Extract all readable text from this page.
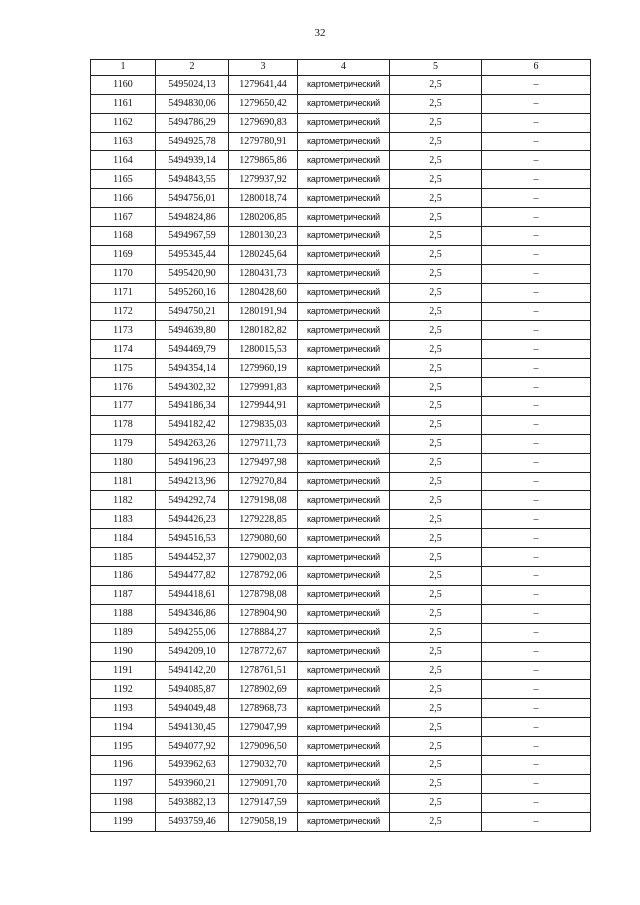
32
1	2	3	4	5	6
1160	5495024,13	1279641,44	картометрический	2,5	–
1161	5494830,06	1279650,42	картометрический	2,5	–
1162	5494786,29	1279690,83	картометрический	2,5	–
1163	5494925,78	1279780,91	картометрический	2,5	–
1164	5494939,14	1279865,86	картометрический	2,5	–
1165	5494843,55	1279937,92	картометрический	2,5	–
1166	5494756,01	1280018,74	картометрический	2,5	–
1167	5494824,86	1280206,85	картометрический	2,5	–
1168	5494967,59	1280130,23	картометрический	2,5	–
1169	5495345,44	1280245,64	картометрический	2,5	–
1170	5495420,90	1280431,73	картометрический	2,5	–
1171	5495260,16	1280428,60	картометрический	2,5	–
1172	5494750,21	1280191,94	картометрический	2,5	–
1173	5494639,80	1280182,82	картометрический	2,5	–
1174	5494469,79	1280015,53	картометрический	2,5	–
1175	5494354,14	1279960,19	картометрический	2,5	–
1176	5494302,32	1279991,83	картометрический	2,5	–
1177	5494186,34	1279944,91	картометрический	2,5	–
1178	5494182,42	1279835,03	картометрический	2,5	–
1179	5494263,26	1279711,73	картометрический	2,5	–
1180	5494196,23	1279497,98	картометрический	2,5	–
1181	5494213,96	1279270,84	картометрический	2,5	–
1182	5494292,74	1279198,08	картометрический	2,5	–
1183	5494426,23	1279228,85	картометрический	2,5	–
1184	5494516,53	1279080,60	картометрический	2,5	–
1185	5494452,37	1279002,03	картометрический	2,5	–
1186	5494477,82	1278792,06	картометрический	2,5	–
1187	5494418,61	1278798,08	картометрический	2,5	–
1188	5494346,86	1278904,90	картометрический	2,5	–
1189	5494255,06	1278884,27	картометрический	2,5	–
1190	5494209,10	1278772,67	картометрический	2,5	–
1191	5494142,20	1278761,51	картометрический	2,5	–
1192	5494085,87	1278902,69	картометрический	2,5	–
1193	5494049,48	1278968,73	картометрический	2,5	–
1194	5494130,45	1279047,99	картометрический	2,5	–
1195	5494077,92	1279096,50	картометрический	2,5	–
1196	5493962,63	1279032,70	картометрический	2,5	–
1197	5493960,21	1279091,70	картометрический	2,5	–
1198	5493882,13	1279147,59	картометрический	2,5	–
1199	5493759,46	1279058,19	картометрический	2,5	–
